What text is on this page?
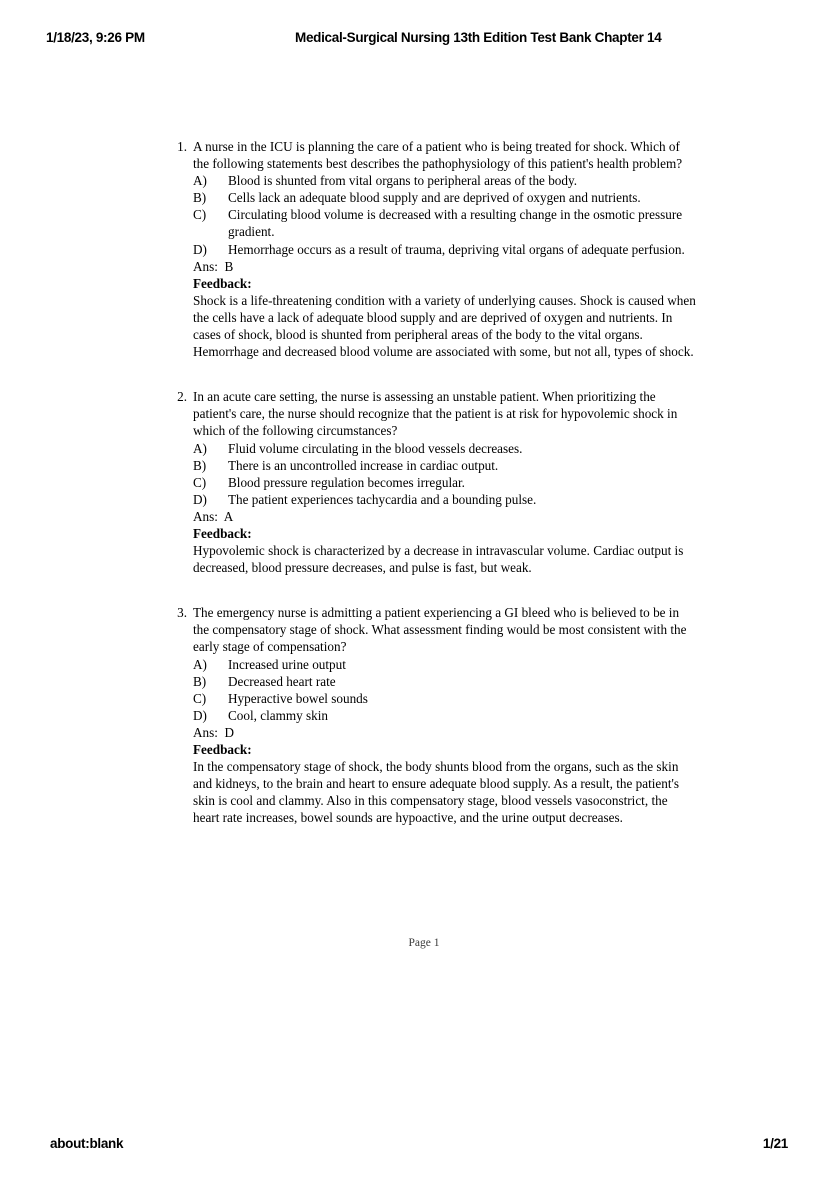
1/18/23, 9:26 PM	Medical-Surgical Nursing 13th Edition Test Bank Chapter 14
1. A nurse in the ICU is planning the care of a patient who is being treated for shock. Which of the following statements best describes the pathophysiology of this patient's health problem?
A)	Blood is shunted from vital organs to peripheral areas of the body.
B)	Cells lack an adequate blood supply and are deprived of oxygen and nutrients.
C)	Circulating blood volume is decreased with a resulting change in the osmotic pressure gradient.
D)	Hemorrhage occurs as a result of trauma, depriving vital organs of adequate perfusion.
Ans:  B
Feedback:
Shock is a life-threatening condition with a variety of underlying causes. Shock is caused when the cells have a lack of adequate blood supply and are deprived of oxygen and nutrients. In cases of shock, blood is shunted from peripheral areas of the body to the vital organs. Hemorrhage and decreased blood volume are associated with some, but not all, types of shock.
2. In an acute care setting, the nurse is assessing an unstable patient. When prioritizing the patient's care, the nurse should recognize that the patient is at risk for hypovolemic shock in which of the following circumstances?
A)	Fluid volume circulating in the blood vessels decreases.
B)	There is an uncontrolled increase in cardiac output.
C)	Blood pressure regulation becomes irregular.
D)	The patient experiences tachycardia and a bounding pulse.
Ans:  A
Feedback:
Hypovolemic shock is characterized by a decrease in intravascular volume. Cardiac output is decreased, blood pressure decreases, and pulse is fast, but weak.
3. The emergency nurse is admitting a patient experiencing a GI bleed who is believed to be in the compensatory stage of shock. What assessment finding would be most consistent with the early stage of compensation?
A)	Increased urine output
B)	Decreased heart rate
C)	Hyperactive bowel sounds
D)	Cool, clammy skin
Ans:  D
Feedback:
In the compensatory stage of shock, the body shunts blood from the organs, such as the skin and kidneys, to the brain and heart to ensure adequate blood supply. As a result, the patient's skin is cool and clammy. Also in this compensatory stage, blood vessels vasoconstrict, the heart rate increases, bowel sounds are hypoactive, and the urine output decreases.
Page 1
about:blank	1/21
